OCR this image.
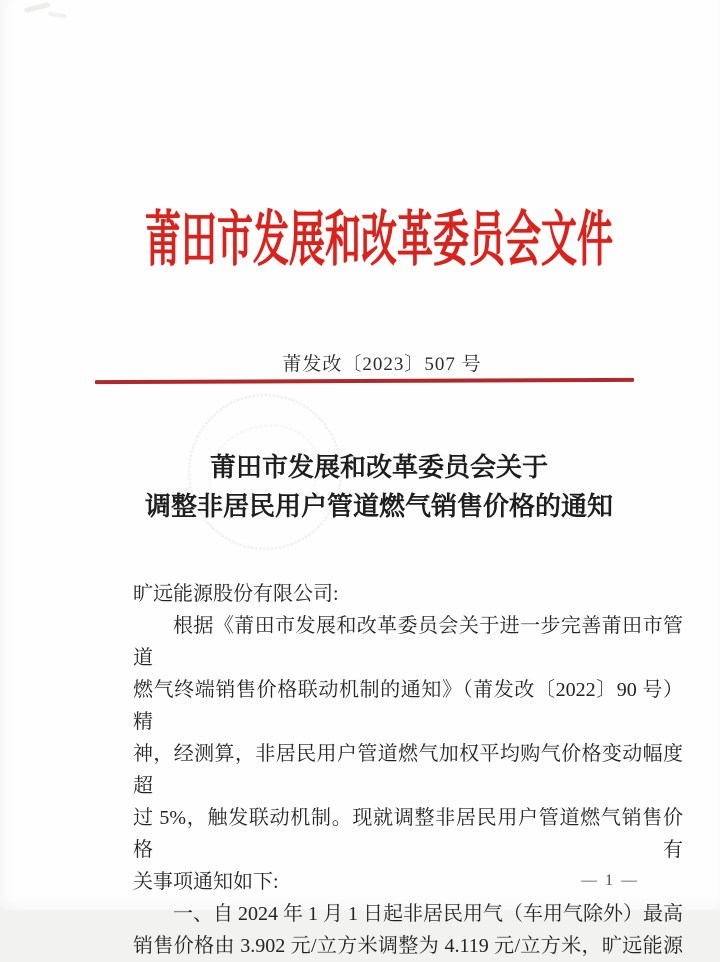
莆田市发展和改革委员会文件
莆发改〔2023〕507 号
莆田市发展和改革委员会关于
调整非居民用户管道燃气销售价格的通知
旷远能源股份有限公司:
根据《莆田市发展和改革委员会关于进一步完善莆田市管道
燃气终端销售价格联动机制的通知》（莆发改〔2022〕90 号）精
神，经测算，非居民用户管道燃气加权平均购气价格变动幅度超
过 5%，触发联动机制。现就调整非居民用户管道燃气销售价格有
关事项通知如下:
一、自 2024 年 1 月 1 日起非居民用气（车用气除外）最高
销售价格由 3.902 元/立方米调整为 4.119 元/立方米，旷远能源
— 1 —
